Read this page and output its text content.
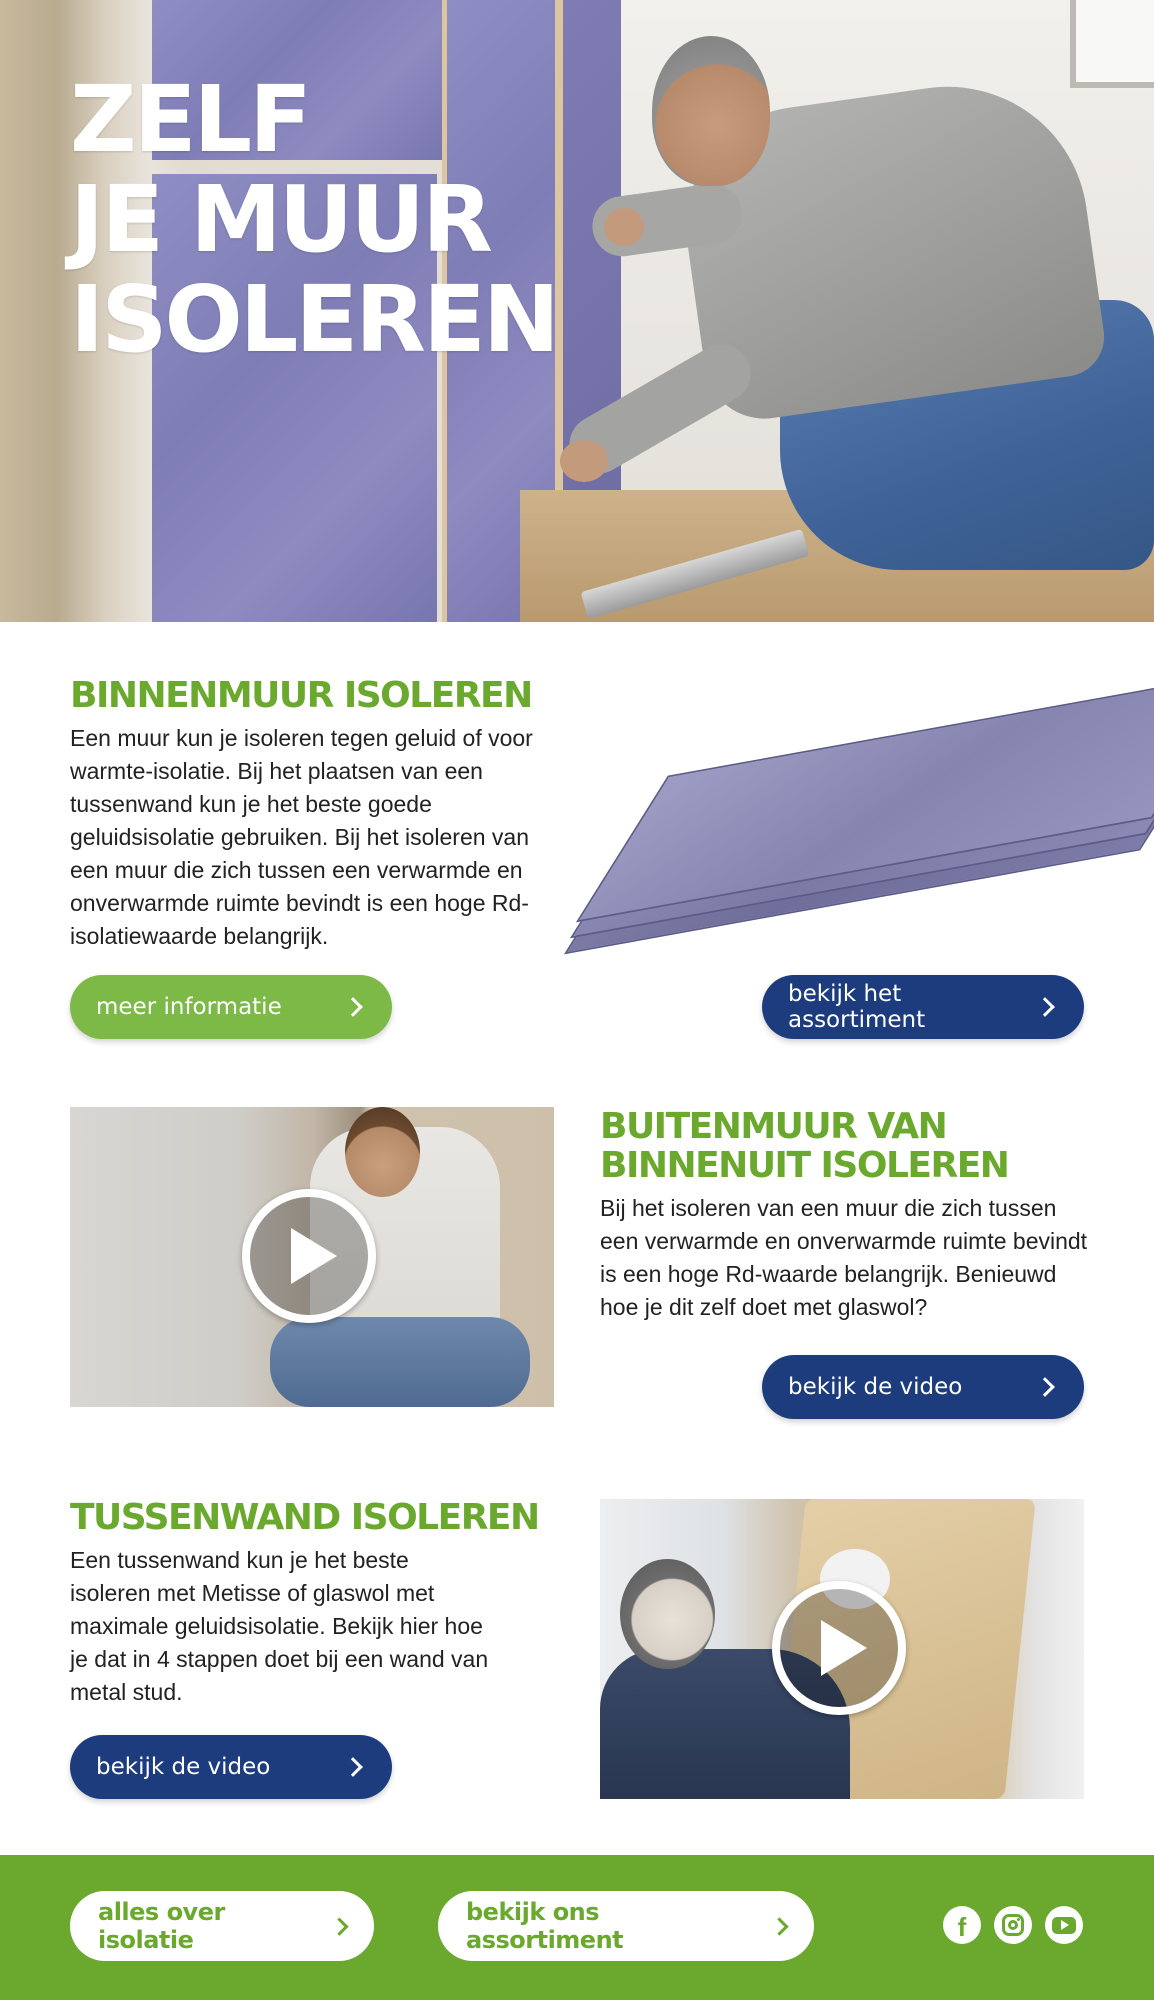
ZELF
JE MUUR
ISOLEREN
BINNENMUUR ISOLEREN

Een muur kun je isoleren tegen geluid of voor warmte-isolatie. Bij het plaatsen van een tussenwand kun je het beste goede geluidsisolatie gebruiken. Bij het isoleren van een muur die zich tussen een verwarmde en onverwarmde ruimte bevindt is een hoge Rd-isolatiewaarde belangrijk.

meer informatie	bekijk het assortiment
BUITENMUUR VAN
BINNENUIT ISOLEREN

Bij het isoleren van een muur die zich tussen een verwarmde en onverwarmde ruimte bevindt is een hoge Rd-waarde belangrijk. Benieuwd hoe je dit zelf doet met glaswol?

bekijk de video
TUSSENWAND ISOLEREN

Een tussenwand kun je het beste isoleren met Metisse of glaswol met maximale geluidsisolatie. Bekijk hier hoe je dat in 4 stappen doet bij een wand van metal stud.

bekijk de video
alles over isolatie
bekijk ons assortiment	f
